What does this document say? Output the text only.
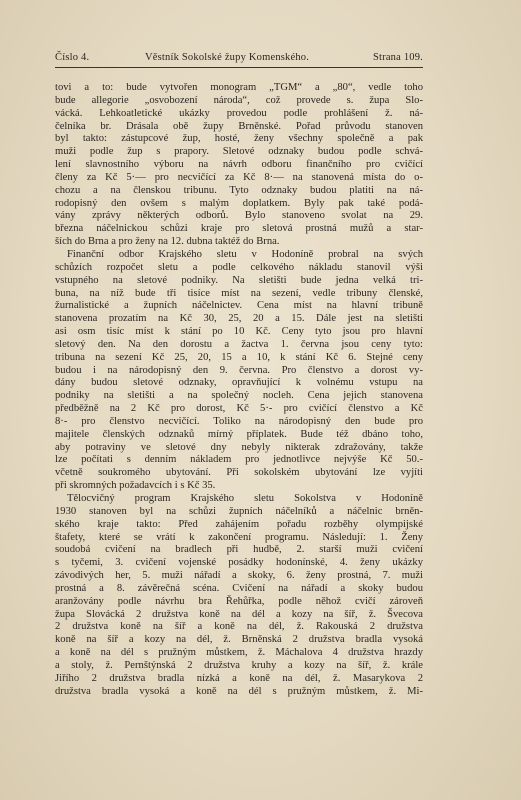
Číslo 4.	Věstník Sokolské župy Komenského.	Strana 109.
tovi a to: bude vytvořen monogram „TGM“ a „80“, vedle toho
bude allegorie „osvobození národa“, což provede s. župa Slo-
vácká. Lehkoatletické ukázky provedou podle prohlášení ž. ná-
čelníka br. Drásala obě župy Brněnské. Pořad průvodu stanoven
byl takto: zástupcové žup, hosté, ženy všechny společně a pak
muži podle žup s prapory. Sletové odznaky budou podle schvá-
lení slavnostního výboru na návrh odboru finančního pro cvičící
členy za Kč 5·— pro necvičící za Kč 8·— na stanovená místa do o-
chozu a na členskou tribunu. Tyto odznaky budou platiti na ná-
rodopisný den ovšem s malým doplatkem. Byly pak také podá-
vány zprávy některých odborů. Bylo stanoveno svolat na 29.
března náčelnickou schůzi kraje pro sletová prostná mužů a star-
ších do Brna a pro ženy na 12. dubna taktéž do Brna.
Finanční odbor Krajského sletu v Hodoníně probral na svých
schůzích rozpočet sletu a podle celkového nákladu stanovil výši
vstupného na sletové podniky. Na sletišti bude jedna velká tri-
buna, na níž bude tři tisíce míst na sezení, vedle tribuny členské,
žurnalistické a župních náčelnictev. Cena míst na hlavní tribuně
stanovena prozatím na Kč 30, 25, 20 a 15. Dále jest na sletišti
asi osm tisíc míst k stání po 10 Kč. Ceny tyto jsou pro hlavní
sletový den. Na den dorostu a žactva 1. června jsou ceny tyto:
tribuna na sezení Kč 25, 20, 15 a 10, k stání Kč 6. Stejné ceny
budou i na národopisný den 9. června. Pro členstvo a dorost vy-
dány budou sletové odznaky, opravňující k volnému vstupu na
podniky na sletišti a na společný nocleh. Cena jejich stanovena
předběžně na 2 Kč pro dorost, Kč 5·- pro cvičící členstvo a Kč
8·- pro členstvo necvičící. Toliko na národopisný den bude pro
majitele členských odznaků mírný příplatek. Bude též dbáno toho,
aby potraviny ve sletové dny nebyly nikterak zdražovány, takže
lze počítati s denním nákladem pro jednotlivce nejvýše Kč 50.-
včetně soukromého ubytování. Při sokolském ubytování lze vyjíti
při skromných požadavcích i s Kč 35.
Tělocvičný program Krajského sletu Sokolstva v Hodoníně
1930 stanoven byl na schůzi župních náčelníků a náčelnic brněn-
ského kraje takto: Před zahájením pořadu rozběhy olympijské
štafety, které se vrátí k zakončení programu. Následují: 1. Ženy
soudobá cvičení na bradlech při hudbě, 2. starší muži cvičení
s tyčemi, 3. cvičení vojenské posádky hodonínské, 4. ženy ukázky
závodivých her, 5. muži nářadí a skoky, 6. ženy prostná, 7. muži
prostná a 8. závěrečná scéna. Cvičení na nářadí a skoky budou
aranžovány podle návrhu bra Řehůřka, podle něhož cvičí zároveň
župa Slovácká 2 družstva koně na dél a kozy na šíř, ž. Švecova
2 družstva koně na šíř a koně na dél, ž. Rakouská 2 družstva
koně na šíř a kozy na dél, ž. Brněnská 2 družstva bradla vysoká
a koně na dél s pružným můstkem, ž. Máchalova 4 družstva hrazdy
a stoly, ž. Pernštýnská 2 družstva kruhy a kozy na šíř, ž. krále
Jiřího 2 družstva bradla nízká a koně na dél, ž. Masarykova 2
družstva bradla vysoká a koně na dél s pružným můstkem, ž. Mi-
